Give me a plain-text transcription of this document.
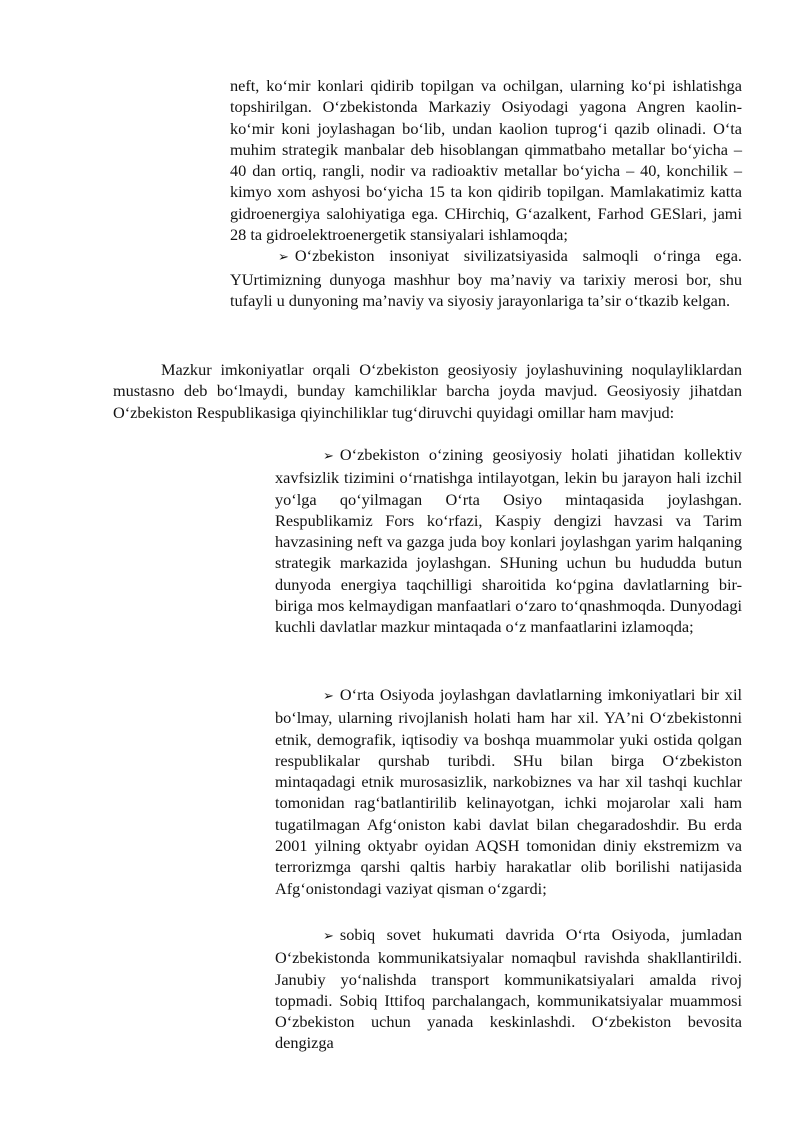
neft, koʻmir konlari qidirib topilgan va ochilgan, ularning koʻpi ishlatishga topshirilgan. Oʻzbekistonda Markaziy Osiyodagi yagona Angren kaolin-koʻmir koni joylashagan boʻlib, undan kaolion tuprogʻi qazib olinadi. Oʻta muhim strategik manbalar deb hisoblangan qimmatbaho metallar boʻyicha – 40 dan ortiq, rangli, nodir va radioaktiv metallar boʻyicha – 40, konchilik –kimyo xom ashyosi boʻyicha 15 ta kon qidirib topilgan. Mamlakatimiz katta gidroenergiya salohiyatiga ega. CHirchiq, Gʻazalkent, Farhod GESlari, jami 28 ta gidroelektroenergetik stansiyalari ishlamoqda;

➢ Oʻzbekiston insoniyat sivilizatsiyasida salmoqli oʻringa ega. YUrtimizning dunyoga mashhur boy maʼnaviy va tarixiy merosi bor, shu tufayli u dunyoning maʼnaviy va siyosiy jarayonlariga taʼsir oʻtkazib kelgan.

Mazkur imkoniyatlar orqali Oʻzbekiston geosiyosiy joylashuvining noqulayliklardan mustasno deb boʻlmaydi, bunday kamchiliklar barcha joyda mavjud. Geosiyosiy jihatdan Oʻzbekiston Respublikasiga qiyinchiliklar tugʻdiruvchi quyidagi omillar ham mavjud:

➢ Oʻzbekiston oʻzining geosiyosiy holati jihatidan kollektiv xavfsizlik tizimini oʻrnatishga intilayotgan, lekin bu jarayon hali izchil yoʻlga qoʻyilmagan Oʻrta Osiyo mintaqasida joylashgan. Respublikamiz Fors koʻrfazi, Kaspiy dengizi havzasi va Tarim havzasining neft va gazga juda boy konlari joylashgan yarim halqaning strategik markazida joylashgan. SHuning uchun bu hududda butun dunyoda energiya taqchilligi sharoitida koʻpgina davlatlarning bir-biriga mos kelmaydigan manfaatlari oʻzaro toʻqnashmoqda. Dunyodagi kuchli davlatlar mazkur mintaqada oʻz manfaatlarini izlamoqda;

➢ Oʻrta Osiyoda joylashgan davlatlarning imkoniyatlari bir xil boʻlmay, ularning rivojlanish holati ham har xil. YAʼni Oʻzbekistonni etnik, demografik, iqtisodiy va boshqa muammolar yuki ostida qolgan respublikalar qurshab turibdi. SHu bilan birga Oʻzbekiston mintaqadagi etnik murosasizlik, narkobiznes va har xil tashqi kuchlar tomonidan ragʻbatlantirilib kelinayotgan, ichki mojarolar xali ham tugatilmagan Afgʻoniston kabi davlat bilan chegaradoshdir. Bu erda 2001 yilning oktyabr oyidan AQSH tomonidan diniy ekstremizm va terrorizmga qarshi qaltis harbiy harakatlar olib borilishi natijasida Afgʻonistondagi vaziyat qisman oʻzgardi;

➢ sobiq sovet hukumati davrida Oʻrta Osiyoda, jumladan Oʻzbekistonda kommunikatsiyalar nomaqbul ravishda shakllantirildi. Janubiy yoʻnalishda transport kommunikatsiyalari amalda rivoj topmadi. Sobiq Ittifoq parchalangach, kommunikatsiyalar muammosi Oʻzbekiston uchun yanada keskinlashdi. Oʻzbekiston bevosita dengizga
